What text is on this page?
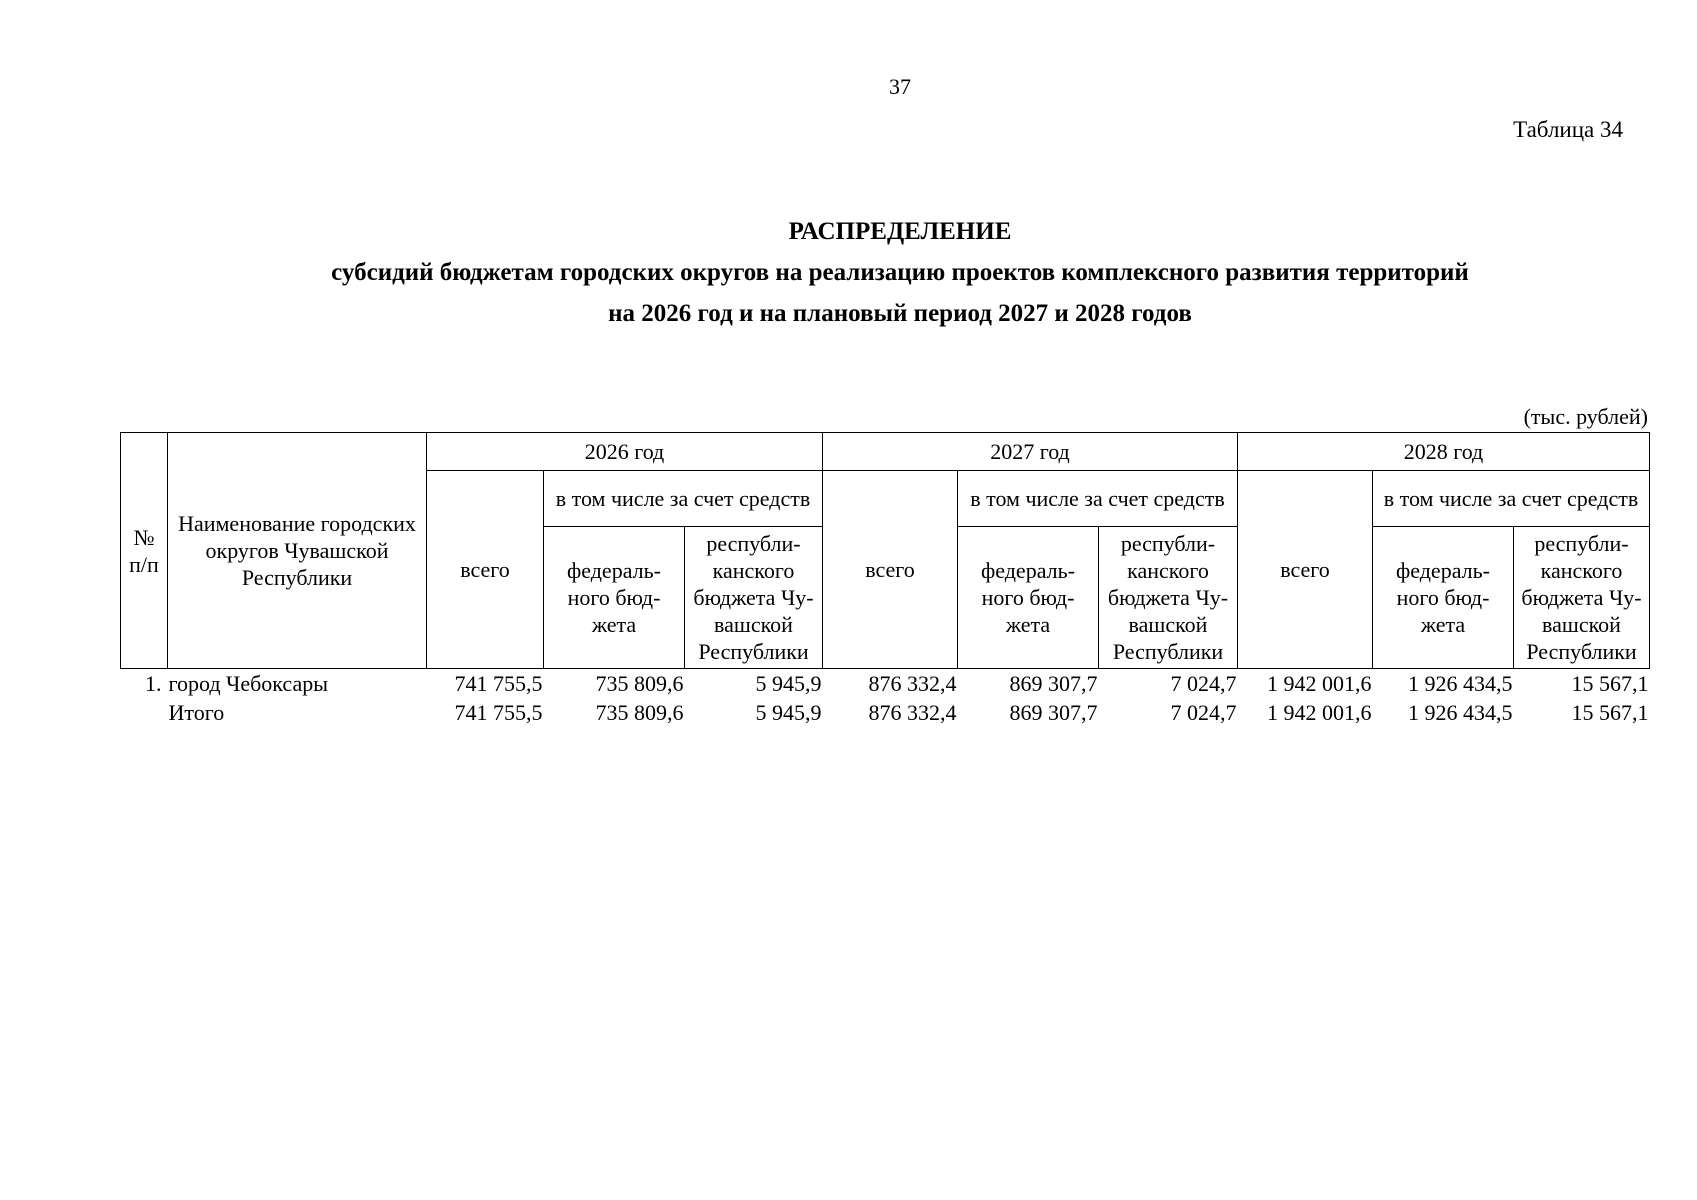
37
Таблица 34
РАСПРЕДЕЛЕНИЕ
субсидий бюджетам городских округов на реализацию проектов комплексного развития территорий
на 2026 год и на плановый период 2027 и 2028 годов
(тыс. рублей)
№ п/п	Наименование городских округов Чувашской Республики	2026 год			2027 год			2028 год		
		всего	в том числе за счет средств		всего	в том числе за счет средств		всего	в том числе за счет средств	
			федераль- ного бюд- жета	республи- канского бюджета Чу- вашской Республики		федераль- ного бюд- жета	республи- канского бюджета Чу- вашской Республики		федераль- ного бюд- жета	республи- канского бюджета Чу- вашской Республики
1.	город Чебоксары	741 755,5	735 809,6	5 945,9	876 332,4	869 307,7	7 024,7	1 942 001,6	1 926 434,5	15 567,1
	Итого	741 755,5	735 809,6	5 945,9	876 332,4	869 307,7	7 024,7	1 942 001,6	1 926 434,5	15 567,1
